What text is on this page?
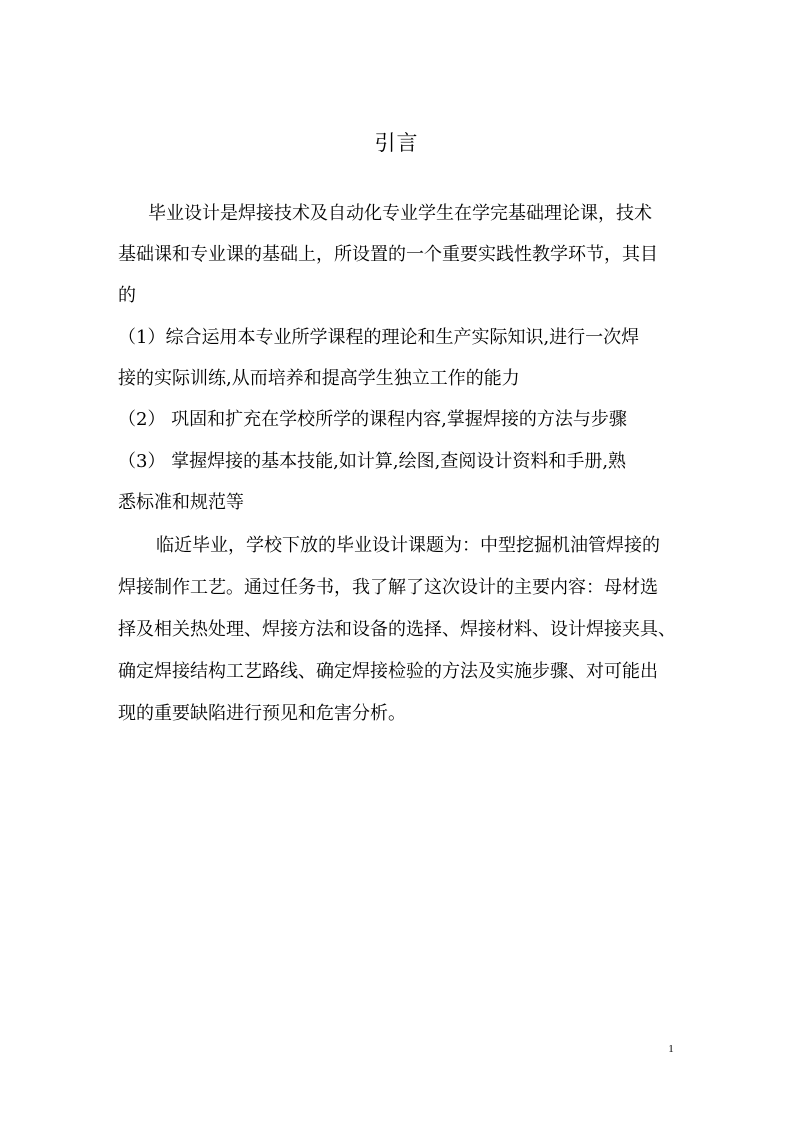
引言
毕业设计是焊接技术及自动化专业学生在学完基础理论课，技术
基础课和专业课的基础上，所设置的一个重要实践性教学环节，其目
的
（1）综合运用本专业所学课程的理论和生产实际知识,进行一次焊
接的实际训练,从而培养和提高学生独立工作的能力
（2） 巩固和扩充在学校所学的课程内容,掌握焊接的方法与步骤
（3） 掌握焊接的基本技能,如计算,绘图,查阅设计资料和手册,熟
悉标准和规范等
临近毕业，学校下放的毕业设计课题为：中型挖掘机油管焊接的
焊接制作工艺。通过任务书，我了解了这次设计的主要内容：母材选
择及相关热处理、焊接方法和设备的选择、焊接材料、设计焊接夹具、
确定焊接结构工艺路线、确定焊接检验的方法及实施步骤、对可能出
现的重要缺陷进行预见和危害分析。
1
